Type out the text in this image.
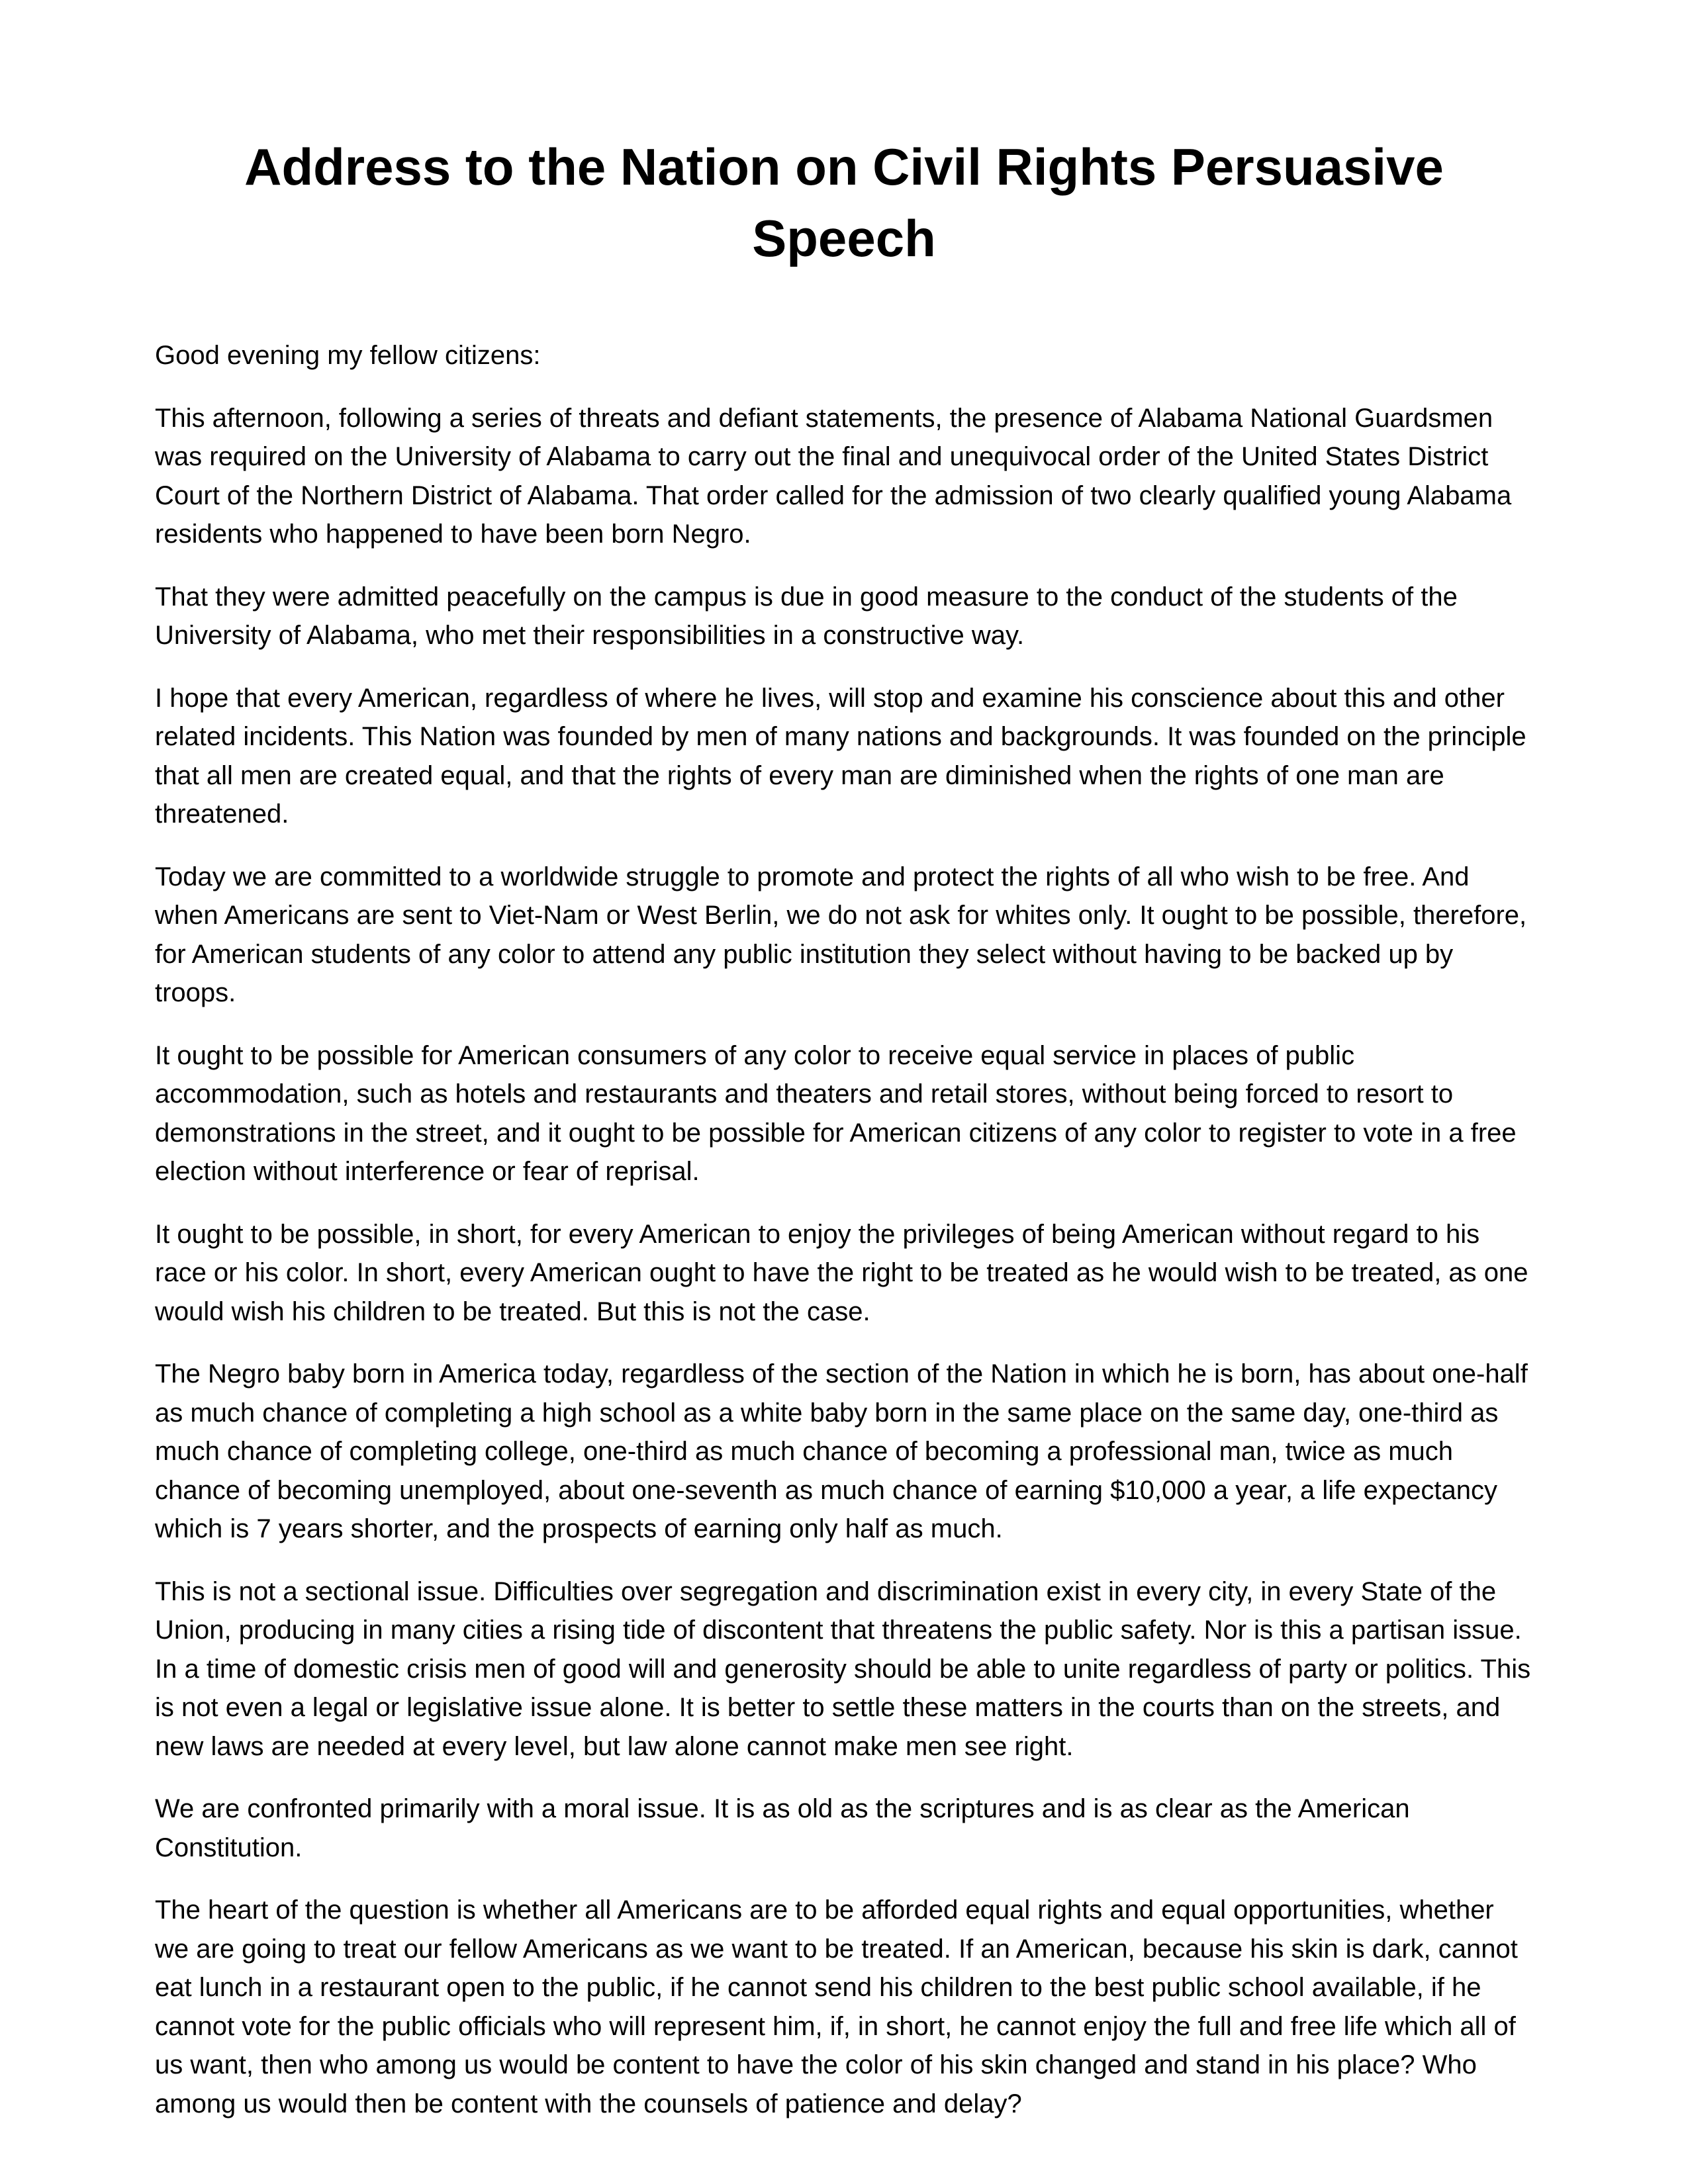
Address to the Nation on Civil Rights Persuasive Speech

Good evening my fellow citizens:

This afternoon, following a series of threats and defiant statements, the presence of Alabama National Guardsmen was required on the University of Alabama to carry out the final and unequivocal order of the United States District Court of the Northern District of Alabama. That order called for the admission of two clearly qualified young Alabama residents who happened to have been born Negro.

That they were admitted peacefully on the campus is due in good measure to the conduct of the students of the University of Alabama, who met their responsibilities in a constructive way.

I hope that every American, regardless of where he lives, will stop and examine his conscience about this and other related incidents. This Nation was founded by men of many nations and backgrounds. It was founded on the principle that all men are created equal, and that the rights of every man are diminished when the rights of one man are threatened.

Today we are committed to a worldwide struggle to promote and protect the rights of all who wish to be free. And when Americans are sent to Viet-Nam or West Berlin, we do not ask for whites only. It ought to be possible, therefore, for American students of any color to attend any public institution they select without having to be backed up by troops.

It ought to be possible for American consumers of any color to receive equal service in places of public accommodation, such as hotels and restaurants and theaters and retail stores, without being forced to resort to demonstrations in the street, and it ought to be possible for American citizens of any color to register to vote in a free election without interference or fear of reprisal.

It ought to be possible, in short, for every American to enjoy the privileges of being American without regard to his race or his color. In short, every American ought to have the right to be treated as he would wish to be treated, as one would wish his children to be treated. But this is not the case.

The Negro baby born in America today, regardless of the section of the Nation in which he is born, has about one-half as much chance of completing a high school as a white baby born in the same place on the same day, one-third as much chance of completing college, one-third as much chance of becoming a professional man, twice as much chance of becoming unemployed, about one-seventh as much chance of earning $10,000 a year, a life expectancy which is 7 years shorter, and the prospects of earning only half as much.

This is not a sectional issue. Difficulties over segregation and discrimination exist in every city, in every State of the Union, producing in many cities a rising tide of discontent that threatens the public safety. Nor is this a partisan issue. In a time of domestic crisis men of good will and generosity should be able to unite regardless of party or politics. This is not even a legal or legislative issue alone. It is better to settle these matters in the courts than on the streets, and new laws are needed at every level, but law alone cannot make men see right.

We are confronted primarily with a moral issue. It is as old as the scriptures and is as clear as the American Constitution.

The heart of the question is whether all Americans are to be afforded equal rights and equal opportunities, whether we are going to treat our fellow Americans as we want to be treated. If an American, because his skin is dark, cannot eat lunch in a restaurant open to the public, if he cannot send his children to the best public school available, if he cannot vote for the public officials who will represent him, if, in short, he cannot enjoy the full and free life which all of us want, then who among us would be content to have the color of his skin changed and stand in his place? Who among us would then be content with the counsels of patience and delay?
